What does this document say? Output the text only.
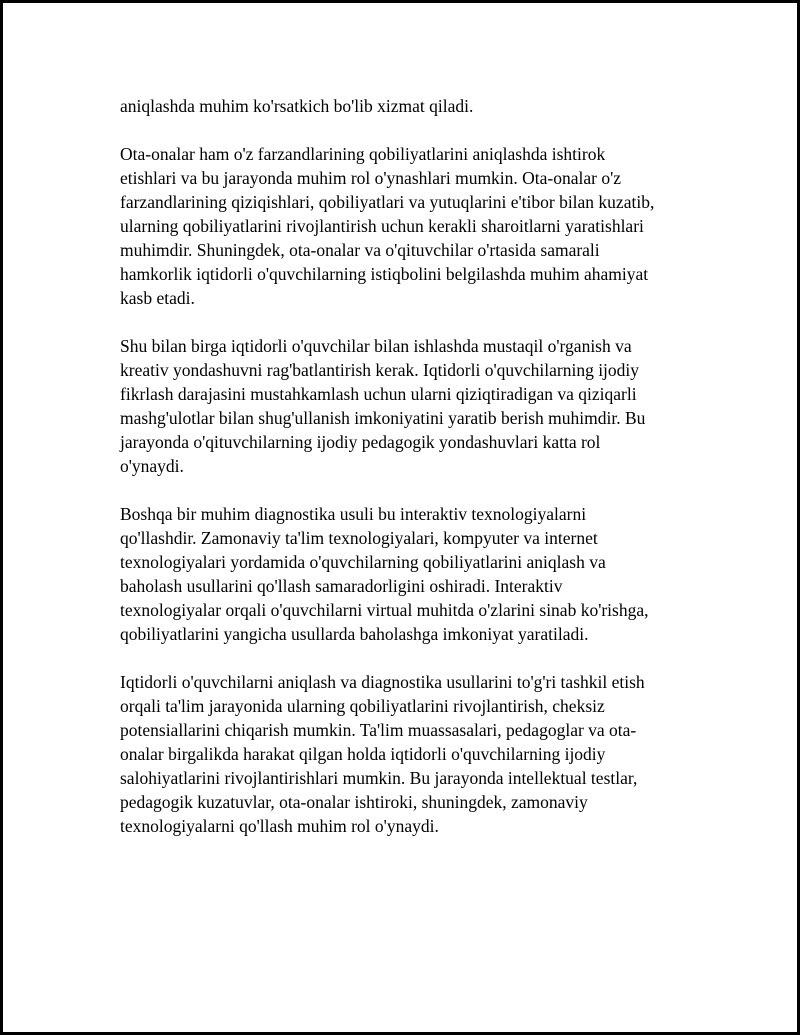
aniqlashda muhim ko'rsatkich bo'lib xizmat qiladi.

Ota-onalar ham o'z farzandlarining qobiliyatlarini aniqlashda ishtirok
etishlari va bu jarayonda muhim rol o'ynashlari mumkin. Ota-onalar o'z
farzandlarining qiziqishlari, qobiliyatlari va yutuqlarini e'tibor bilan kuzatib,
ularning qobiliyatlarini rivojlantirish uchun kerakli sharoitlarni yaratishlari
muhimdir. Shuningdek, ota-onalar va o'qituvchilar o'rtasida samarali
hamkorlik iqtidorli o'quvchilarning istiqbolini belgilashda muhim ahamiyat
kasb etadi.

Shu bilan birga iqtidorli o'quvchilar bilan ishlashda mustaqil o'rganish va
kreativ yondashuvni rag'batlantirish kerak. Iqtidorli o'quvchilarning ijodiy
fikrlash darajasini mustahkamlash uchun ularni qiziqtiradigan va qiziqarli
mashg'ulotlar bilan shug'ullanish imkoniyatini yaratib berish muhimdir. Bu
jarayonda o'qituvchilarning ijodiy pedagogik yondashuvlari katta rol
o'ynaydi.

Boshqa bir muhim diagnostika usuli bu interaktiv texnologiyalarni
qo'llashdir. Zamonaviy ta'lim texnologiyalari, kompyuter va internet
texnologiyalari yordamida o'quvchilarning qobiliyatlarini aniqlash va
baholash usullarini qo'llash samaradorligini oshiradi. Interaktiv
texnologiyalar orqali o'quvchilarni virtual muhitda o'zlarini sinab ko'rishga,
qobiliyatlarini yangicha usullarda baholashga imkoniyat yaratiladi.

Iqtidorli o'quvchilarni aniqlash va diagnostika usullarini to'g'ri tashkil etish
orqali ta'lim jarayonida ularning qobiliyatlarini rivojlantirish, cheksiz
potensiallarini chiqarish mumkin. Ta'lim muassasalari, pedagoglar va ota-
onalar birgalikda harakat qilgan holda iqtidorli o'quvchilarning ijodiy
salohiyatlarini rivojlantirishlari mumkin. Bu jarayonda intellektual testlar,
pedagogik kuzatuvlar, ota-onalar ishtiroki, shuningdek, zamonaviy
texnologiyalarni qo'llash muhim rol o'ynaydi.
